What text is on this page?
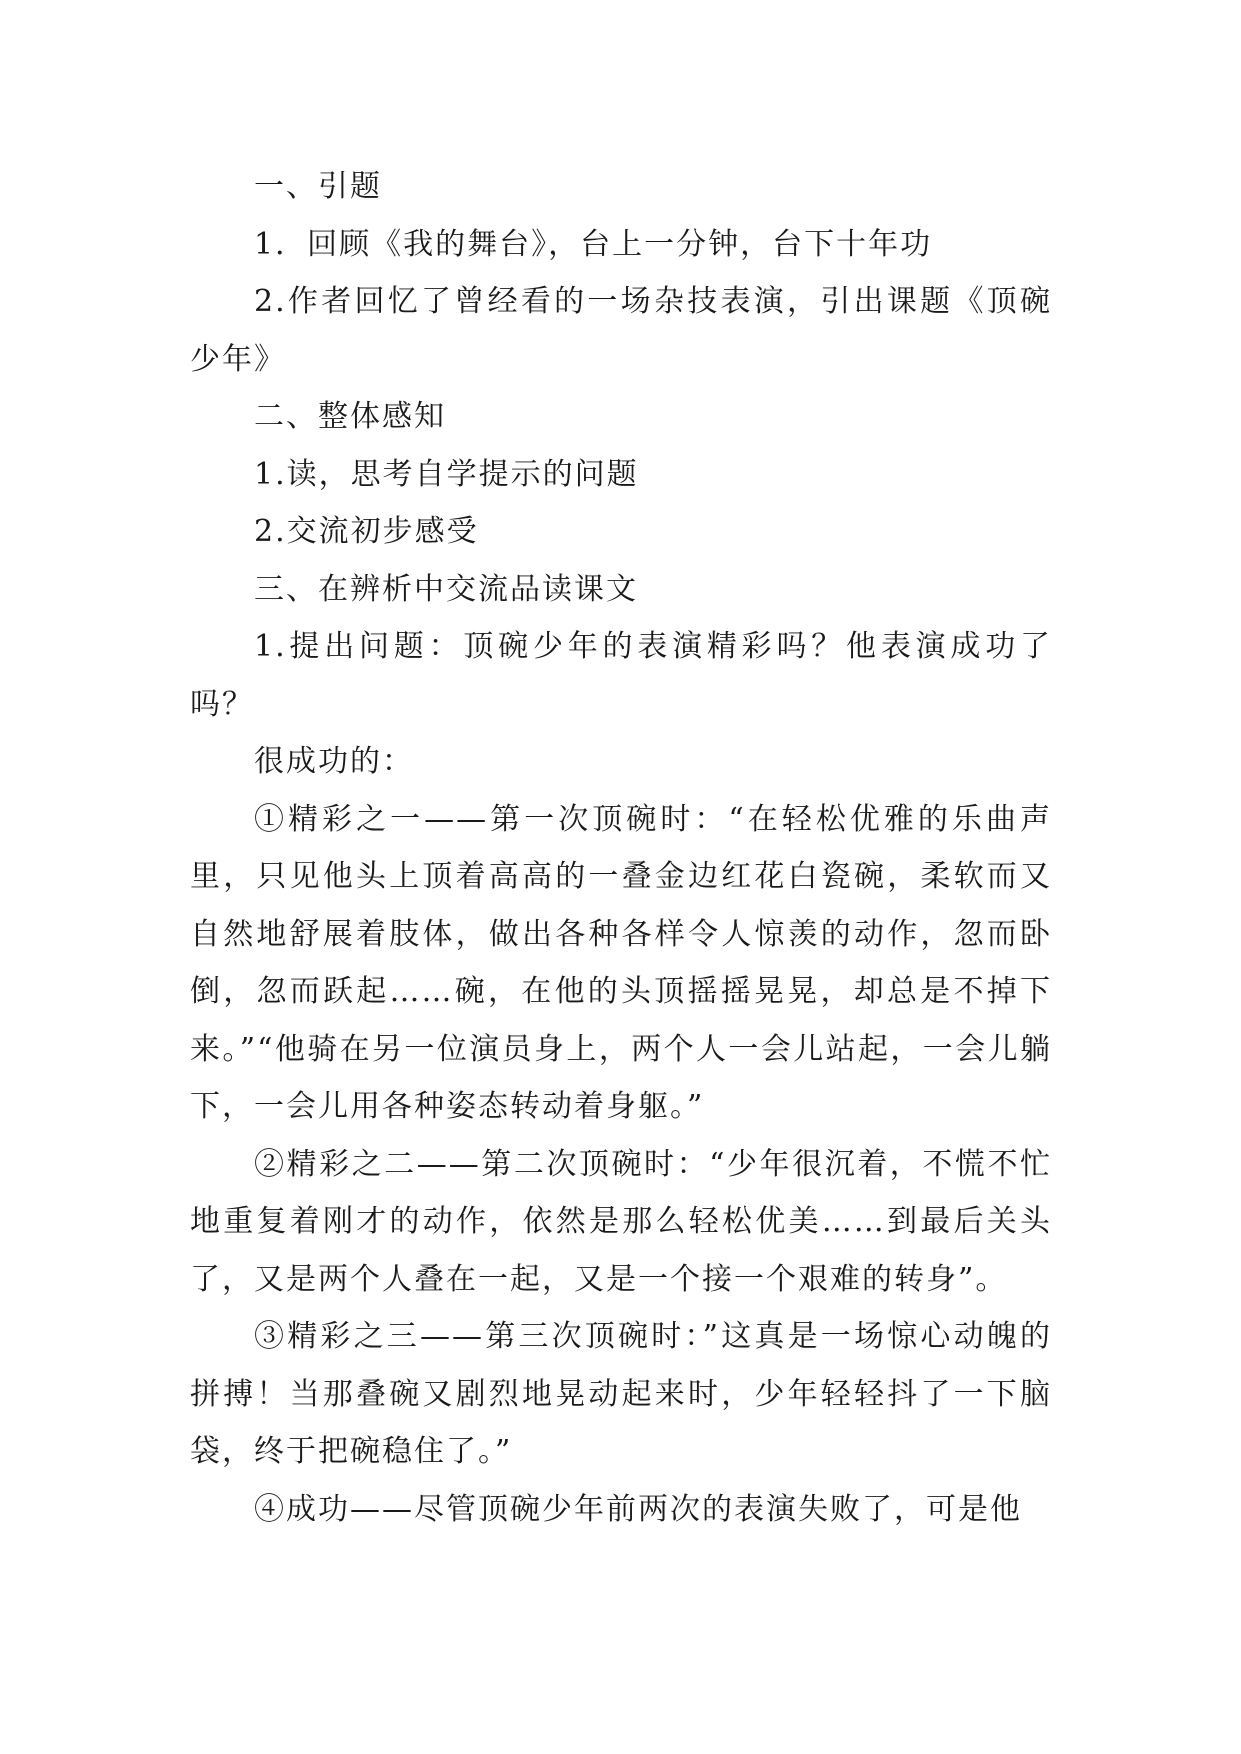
一、引题

1．回顾《我的舞台》，台上一分钟，台下十年功

2.作者回忆了曾经看的一场杂技表演，引出课题《顶碗少年》

二、整体感知

1.读，思考自学提示的问题

2.交流初步感受

三、在辨析中交流品读课文

1.提出问题：顶碗少年的表演精彩吗？他表演成功了吗？

很成功的：

①精彩之一——第一次顶碗时：“在轻松优雅的乐曲声里，只见他头上顶着高高的一叠金边红花白瓷碗，柔软而又自然地舒展着肢体，做出各种各样令人惊羡的动作，忽而卧倒，忽而跃起……碗，在他的头顶摇摇晃晃，却总是不掉下来。”“他骑在另一位演员身上，两个人一会儿站起，一会儿躺下，一会儿用各种姿态转动着身躯。”

②精彩之二——第二次顶碗时：“少年很沉着，不慌不忙地重复着刚才的动作，依然是那么轻松优美……到最后关头了，又是两个人叠在一起，又是一个接一个艰难的转身”。

③精彩之三——第三次顶碗时：”这真是一场惊心动魄的拼搏！当那叠碗又剧烈地晃动起来时，少年轻轻抖了一下脑袋，终于把碗稳住了。”

④成功——尽管顶碗少年前两次的表演失败了，可是他
